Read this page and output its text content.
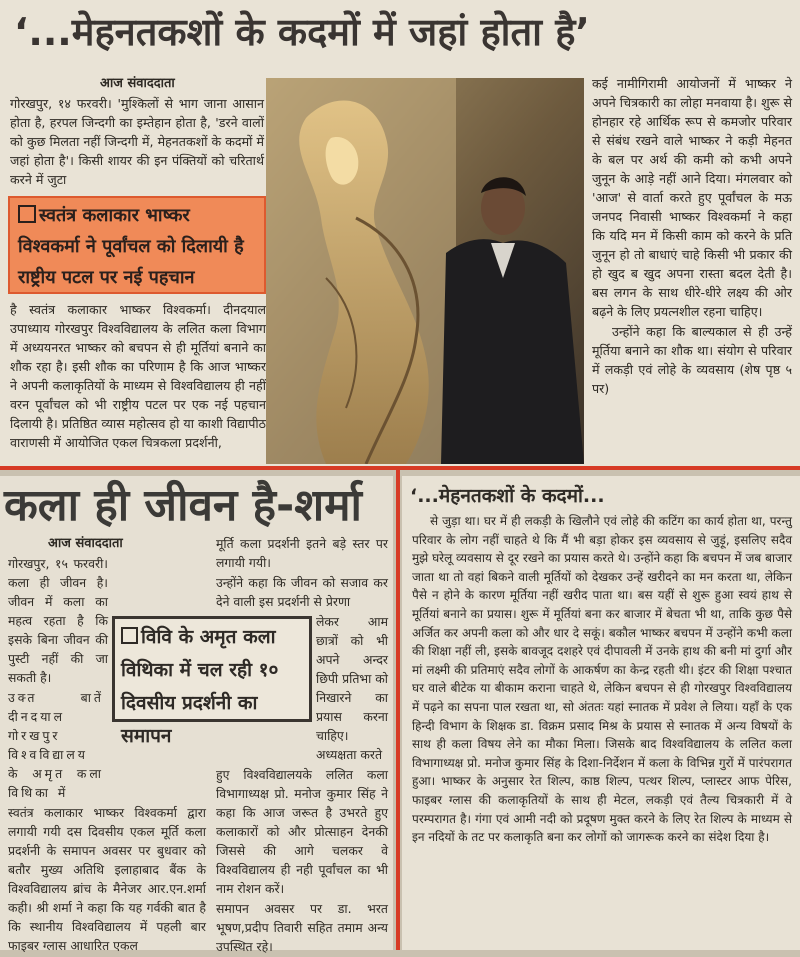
‘...मेहनतकशों के कदमों में जहां होता है’
आज संवाददाता

गोरखपुर, १४ फरवरी। 'मुश्किलों से भाग जाना आसान होता है, हरपल जिन्दगी का इम्तेहान होता है, 'डरने वालों को कुछ मिलता नहीं जिन्दगी में, मेहनतकशों के कदमों में जहां होता है'। किसी शायर की इन पंक्तियों को चरितार्थ करने में जुटा

स्वतंत्र कलाकार भाष्कर विश्वकर्मा ने पूर्वांचल को दिलायी है राष्ट्रीय पटल पर नई पहचान

है स्वतंत्र कलाकार भाष्कर विश्वकर्मा। दीनदयाल उपाध्याय गोरखपुर विश्वविद्यालय के ललित कला विभाग में अध्ययनरत भाष्कर को बचपन से ही मूर्तियां बनाने का शौक रहा है। इसी शौक का परिणाम है कि आज भाष्कर ने अपनी कलाकृतियों के माध्यम से विश्वविद्यालय ही नहीं वरन पूर्वांचल को भी राष्ट्रीय पटल पर एक नई पहचान दिलायी है। प्रतिष्ठित व्यास महोत्सव हो या काशी विद्यापीठ वाराणसी में आयोजित एकल चित्रकला प्रदर्शनी,

कई नामीगिरामी आयोजनों में भाष्कर ने अपने चित्रकारी का लोहा मनवाया है। शुरू से होनहार रहे आर्थिक रूप से कमजोर परिवार से संबंध रखने वाले भाष्कर ने कड़ी मेहनत के बल पर अर्थ की कमी को कभी अपने जुनून के आड़े नहीं आने दिया। मंगलवार को 'आज' से वार्ता करते हुए पूर्वांचल के मऊ जनपद निवासी भाष्कर विश्वकर्मा ने कहा कि यदि मन में किसी काम को करने के प्रति जुनून हो तो बाधाएं चाहे किसी भी प्रकार की हो खुद ब खुद अपना रास्ता बदल देती है। बस लगन के साथ धीरे-धीरे लक्ष्य की ओर बढ़ने के लिए प्रयत्नशील रहना चाहिए।

उन्होंने कहा कि बाल्यकाल से ही उन्हें मूर्तिया बनाने का शौक था। संयोग से परिवार में लकड़ी एवं लोहे के व्यवसाय (शेष पृष्ठ ५ पर)

कला ही जीवन है-शर्मा
आज संवाददाता

गोरखपुर, १५ फरवरी। कला ही जीवन है। जीवन में कला का महत्व रहता है कि इसके बिना जीवन की पुस्टी नहीं की जा सकती है।

उक्त बातें दीनदयाल गोरखपुर विश्वविद्यालय के अमृत कला विथिका में

स्वतंत्र कलाकार भाष्कर विश्वकर्मा द्वारा लगायी गयी दस दिवसीय एकल मूर्ति कला प्रदर्शनी के समापन अवसर पर बुधवार को बतौर मुख्य अतिथि इलाहाबाद बैंक के विश्वविद्यालय ब्रांच के मैनेजर आर.एन.शर्मा कही। श्री शर्मा ने कहा कि यह गर्वकी बात है कि स्थानीय विश्वविद्यालय में पहली बार फाइबर ग्लास आधारित एकल

मूर्ति कला प्रदर्शनी इतने बड़े स्तर पर लगायी गयी।

उन्होंने कहा कि जीवन को सजाव कर देने वाली इस प्रदर्शनी से प्रेरणा

लेकर आम छात्रों को भी अपने अन्दर छिपी प्रतिभा को निखारने का प्रयास करना चाहिए। अध्यक्षता करते

हुए विश्वविद्यालयके ललित कला विभागाध्यक्ष प्रो. मनोज कुमार सिंह ने कहा कि आज जरूत है उभरते हुए कलाकारों को और प्रोत्साहन देनकी जिससे की आगे चलकर वे विश्वविद्यालय ही नही पूर्वांचल का भी नाम रोशन करें।

समापन अवसर पर डा. भरत भूषण,प्रदीप तिवारी सहित तमाम अन्य उपस्थित रहे।

विवि के अमृत कला विथिका में चल रही १० दिवसीय प्रदर्शनी का समापन
‘...मेहनतकशों के कदमों...

से जुड़ा था। घर में ही लकड़ी के खिलौने एवं लोहे की कटिंग का कार्य होता था, परन्तु परिवार के लोग नहीं चाहते थे कि मैं भी बड़ा होकर इस व्यवसाय से जुड़ूं, इसलिए सदैव मुझे घरेलू व्यवसाय से दूर रखने का प्रयास करते थे। उन्होंने कहा कि बचपन में जब बाजार जाता था तो वहां बिकने वाली मूर्तियों को देखकर उन्हें खरीदने का मन करता था, लेकिन पैसे न होने के कारण मूर्तिया नहीं खरीद पाता था। बस यहीं से शुरू हुआ स्वयं हाथ से मूर्तियां बनाने का प्रयास। शुरू में मूर्तियां बना कर बाजार में बेचता भी था, ताकि कुछ पैसे अर्जित कर अपनी कला को और धार दे सकूं। बकौल भाष्कर बचपन में उन्होंने कभी कला की शिक्षा नहीं ली, इसके बावजूद दशहरे एवं दीपावली में उनके हाथ की बनी मां दुर्गा और मां लक्ष्मी की प्रतिमाएं सदैव लोगों के आकर्षण का केन्द्र रहती थी। इंटर की शिक्षा पश्चात घर वाले बीटेक या बीकाम कराना चाहते थे, लेकिन बचपन से ही गोरखपुर विश्वविद्यालय में पढ़ने का सपना पाल रखता था, सो अंततः यहां स्नातक में प्रवेश ले लिया। यहाँ के एक हिन्दी विभाग के शिक्षक डा. विक्रम प्रसाद मिश्र के प्रयास से स्नातक में अन्य विषयों के साथ ही कला विषय लेने का मौका मिला। जिसके बाद विश्वविद्यालय के ललित कला विभागाध्यक्ष प्रो. मनोज कुमार सिंह के दिशा-निर्देशन में कला के विभिन्न गुरों में पारंपरागत हुआ। भाष्कर के अनुसार रेत शिल्प, काष्ठ शिल्प, पत्थर शिल्प, प्लास्टर आफ पेरिस, फाइबर ग्लास की कलाकृतियों के साथ ही मेटल, लकड़ी एवं तैल्य चित्रकारी में वे परम्परागत है। गंगा एवं आमी नदी को प्रदूषण मुक्त करने के लिए रेत शिल्प के माध्यम से इन नदियों के तट पर कलाकृति बना कर लोगों को जागरूक करने का संदेश दिया है।
